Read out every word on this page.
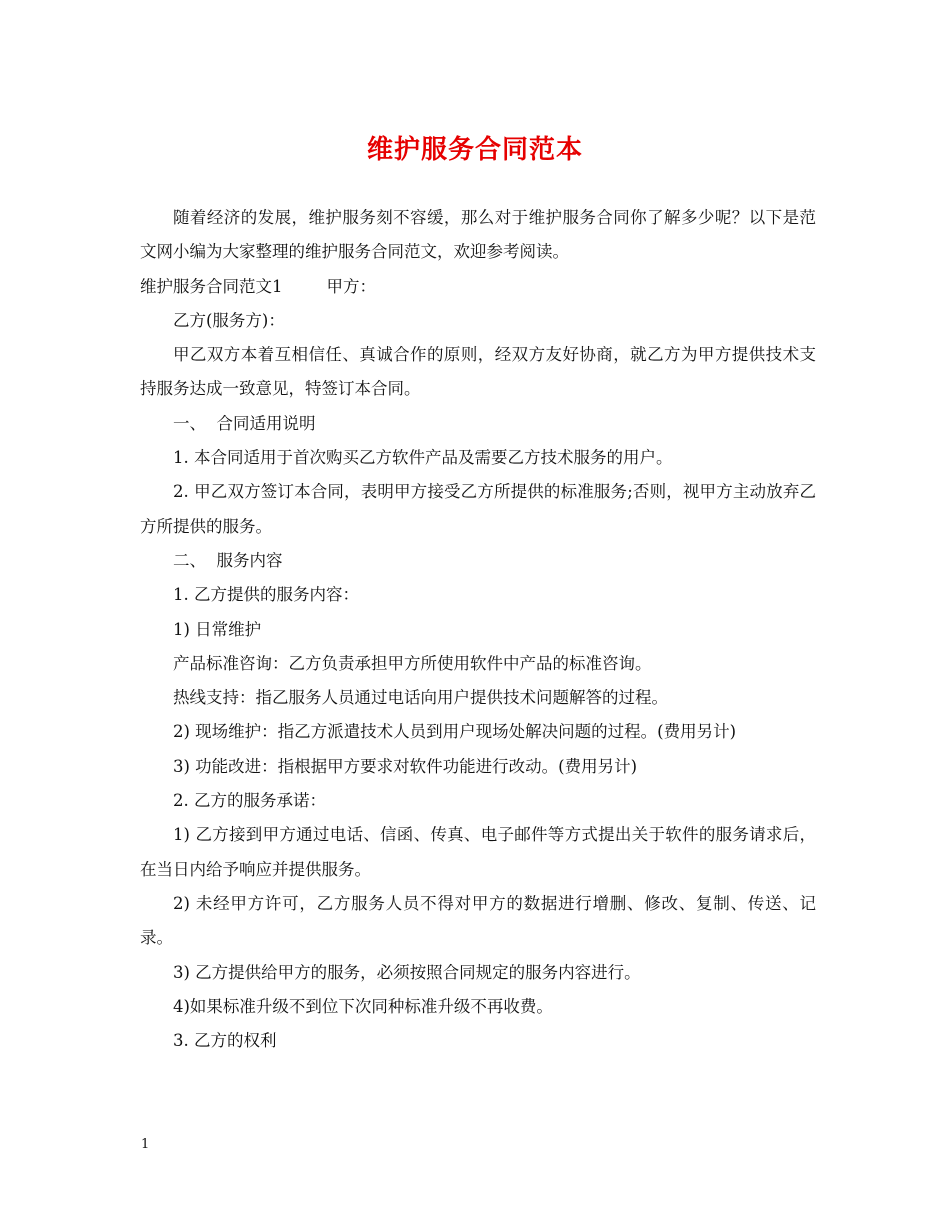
维护服务合同范本

随着经济的发展，维护服务刻不容缓，那么对于维护服务合同你了解多少呢？以下是范文网小编为大家整理的维护服务合同范文，欢迎参考阅读。

维护服务合同范文1	甲方：

乙方(服务方)：

甲乙双方本着互相信任、真诚合作的原则，经双方友好协商，就乙方为甲方提供技术支持服务达成一致意见，特签订本合同。

一、  合同适用说明

1. 本合同适用于首次购买乙方软件产品及需要乙方技术服务的用户。

2. 甲乙双方签订本合同，表明甲方接受乙方所提供的标准服务;否则，视甲方主动放弃乙方所提供的服务。

二、  服务内容

1. 乙方提供的服务内容：

1) 日常维护

产品标准咨询：乙方负责承担甲方所使用软件中产品的标准咨询。

热线支持：指乙服务人员通过电话向用户提供技术问题解答的过程。

2) 现场维护：指乙方派遣技术人员到用户现场处解决问题的过程。(费用另计)

3) 功能改进：指根据甲方要求对软件功能进行改动。(费用另计)

2. 乙方的服务承诺：

1) 乙方接到甲方通过电话、信函、传真、电子邮件等方式提出关于软件的服务请求后，在当日内给予响应并提供服务。

2) 未经甲方许可，乙方服务人员不得对甲方的数据进行增删、修改、复制、传送、记录。

3) 乙方提供给甲方的服务，必须按照合同规定的服务内容进行。

4)如果标准升级不到位下次同种标准升级不再收费。

3. 乙方的权利

1
